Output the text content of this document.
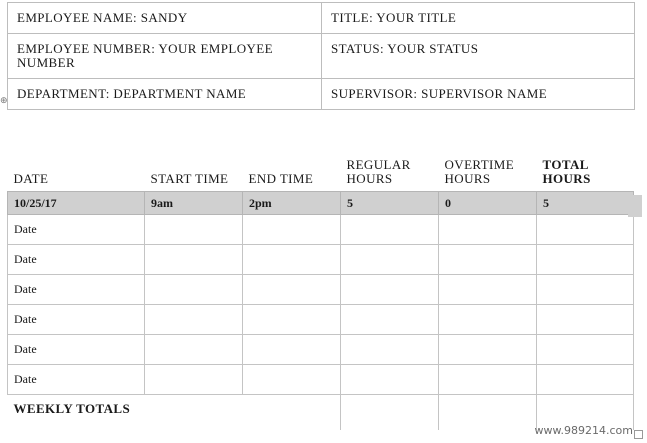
EMPLOYEE NAME: SANDY	TITLE: YOUR TITLE
EMPLOYEE NUMBER: YOUR EMPLOYEE NUMBER	STATUS: YOUR STATUS
DEPARTMENT: DEPARTMENT NAME	SUPERVISOR: SUPERVISOR NAME
⊕
DATE	START TIME	END TIME	REGULAR HOURS	OVERTIME HOURS	TOTAL HOURS
10/25/17	9am	2pm	5	0	5
Date					
Date					
Date					
Date					
Date					
Date					
WEEKLY TOTALS					
www.989214.com
